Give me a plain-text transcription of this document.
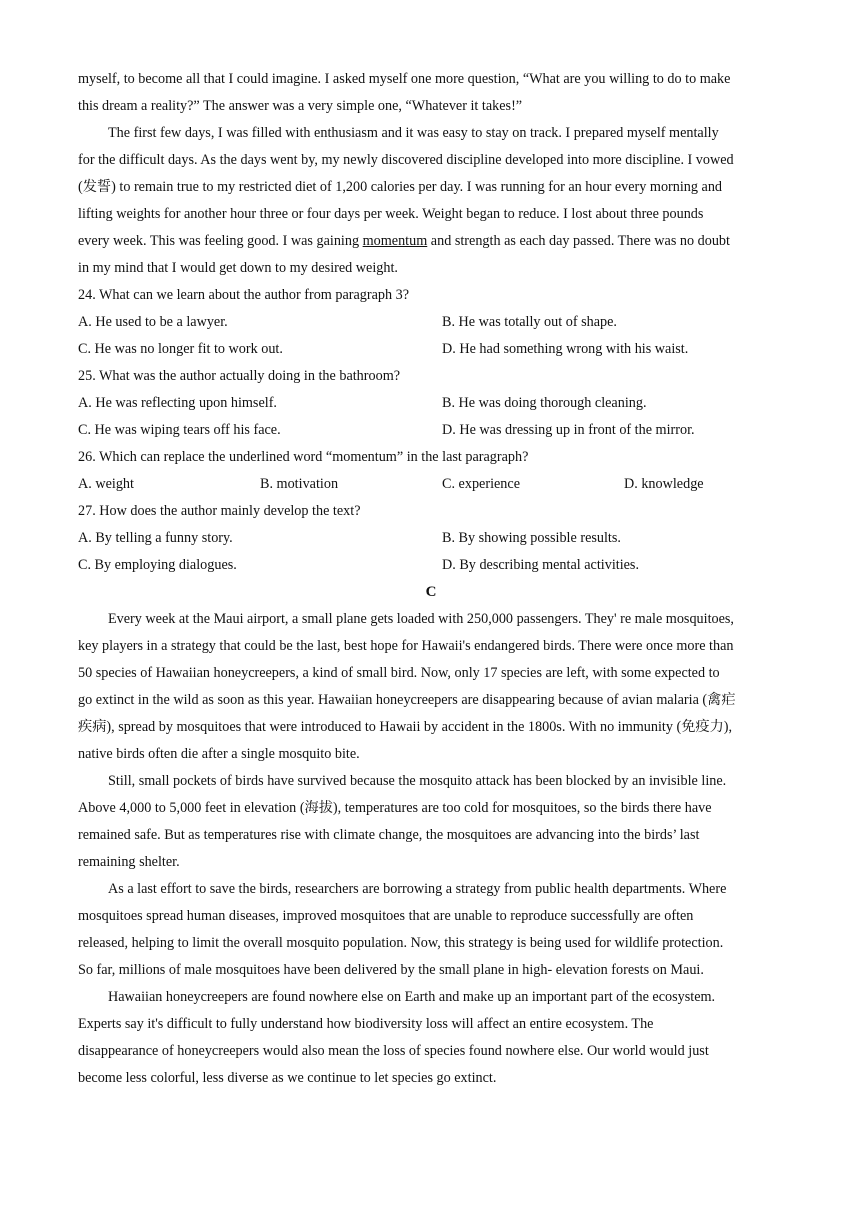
myself, to become all that I could imagine. I asked myself one more question, “What are you willing to do to make
this dream a reality?” The answer was a very simple one, “Whatever it takes!”
The first few days, I was filled with enthusiasm and it was easy to stay on track. I prepared myself mentally
for the difficult days. As the days went by, my newly discovered discipline developed into more discipline. I vowed
(发誓) to remain true to my restricted diet of 1,200 calories per day. I was running for an hour every morning and
lifting weights for another hour three or four days per week. Weight began to reduce. I lost about three pounds
every week. This was feeling good. I was gaining momentum and strength as each day passed. There was no doubt
in my mind that I would get down to my desired weight.
24. What can we learn about the author from paragraph 3?
A. He used to be a lawyer.	B. He was totally out of shape.
C. He was no longer fit to work out.	D. He had something wrong with his waist.
25. What was the author actually doing in the bathroom?
A. He was reflecting upon himself.	B. He was doing thorough cleaning.
C. He was wiping tears off his face.	D. He was dressing up in front of the mirror.
26. Which can replace the underlined word “momentum” in the last paragraph?
A. weight	B. motivation	C. experience	D. knowledge
27. How does the author mainly develop the text?
A. By telling a funny story.	B. By showing possible results.
C. By employing dialogues.	D. By describing mental activities.
C
Every week at the Maui airport, a small plane gets loaded with 250,000 passengers. They' re male mosquitoes,
key players in a strategy that could be the last, best hope for Hawaii's endangered birds. There were once more than
50 species of Hawaiian honeycreepers, a kind of small bird. Now, only 17 species are left, with some expected to
go extinct in the wild as soon as this year. Hawaiian honeycreepers are disappearing because of avian malaria (禽疟
疾病), spread by mosquitoes that were introduced to Hawaii by accident in the 1800s. With no immunity (免疫力),
native birds often die after a single mosquito bite.
Still, small pockets of birds have survived because the mosquito attack has been blocked by an invisible line.
Above 4,000 to 5,000 feet in elevation (海拔), temperatures are too cold for mosquitoes, so the birds there have
remained safe. But as temperatures rise with climate change, the mosquitoes are advancing into the birds’ last
remaining shelter.
As a last effort to save the birds, researchers are borrowing a strategy from public health departments. Where
mosquitoes spread human diseases, improved mosquitoes that are unable to reproduce successfully are often
released, helping to limit the overall mosquito population. Now, this strategy is being used for wildlife protection.
So far, millions of male mosquitoes have been delivered by the small plane in high- elevation forests on Maui.
Hawaiian honeycreepers are found nowhere else on Earth and make up an important part of the ecosystem.
Experts say it's difficult to fully understand how biodiversity loss will affect an entire ecosystem. The
disappearance of honeycreepers would also mean the loss of species found nowhere else. Our world would just
become less colorful, less diverse as we continue to let species go extinct.
